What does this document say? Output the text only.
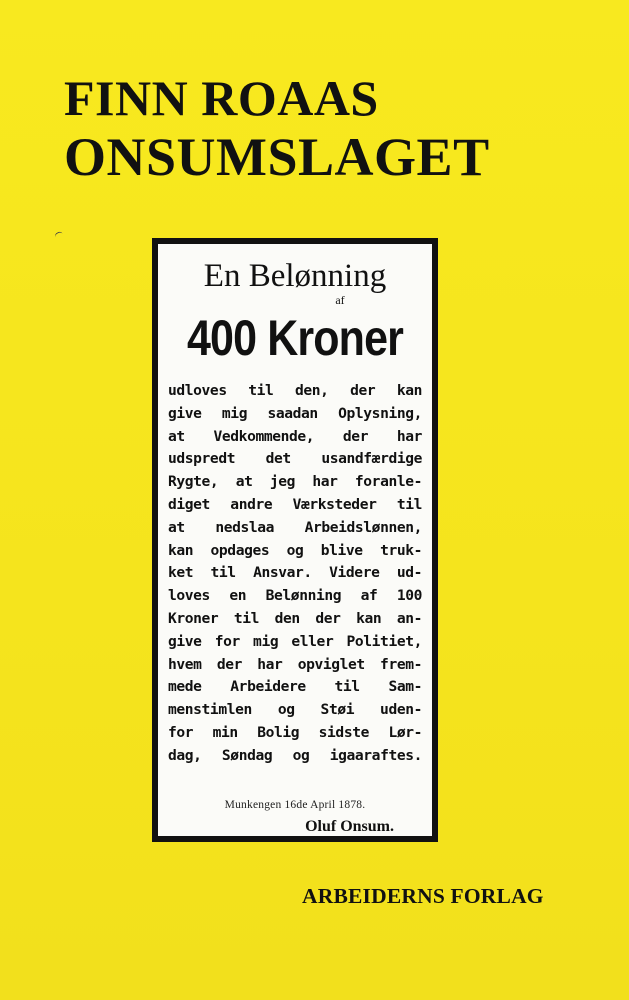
FINN ROAAS
ONSUMSLAGET
En Belønning
af
400 Kroner
udloves til den, der kan
give mig saadan Oplysning,
at Vedkommende, der har
udspredt det usandfærdige
Rygte, at jeg har foranle-
diget andre Værksteder til
at nedslaa Arbeidslønnen,
kan opdages og blive truk-
ket til Ansvar. Videre ud-
loves en Belønning af 100
Kroner til den der kan an-
give for mig eller Politiet,
hvem der har opviglet frem-
mede Arbeidere til Sam-
menstimlen og Støi uden-
for min Bolig sidste Lør-
dag, Søndag og igaaraftes.
Munkengen 16de April 1878.
Oluf Onsum.
ARBEIDERNS FORLAG
